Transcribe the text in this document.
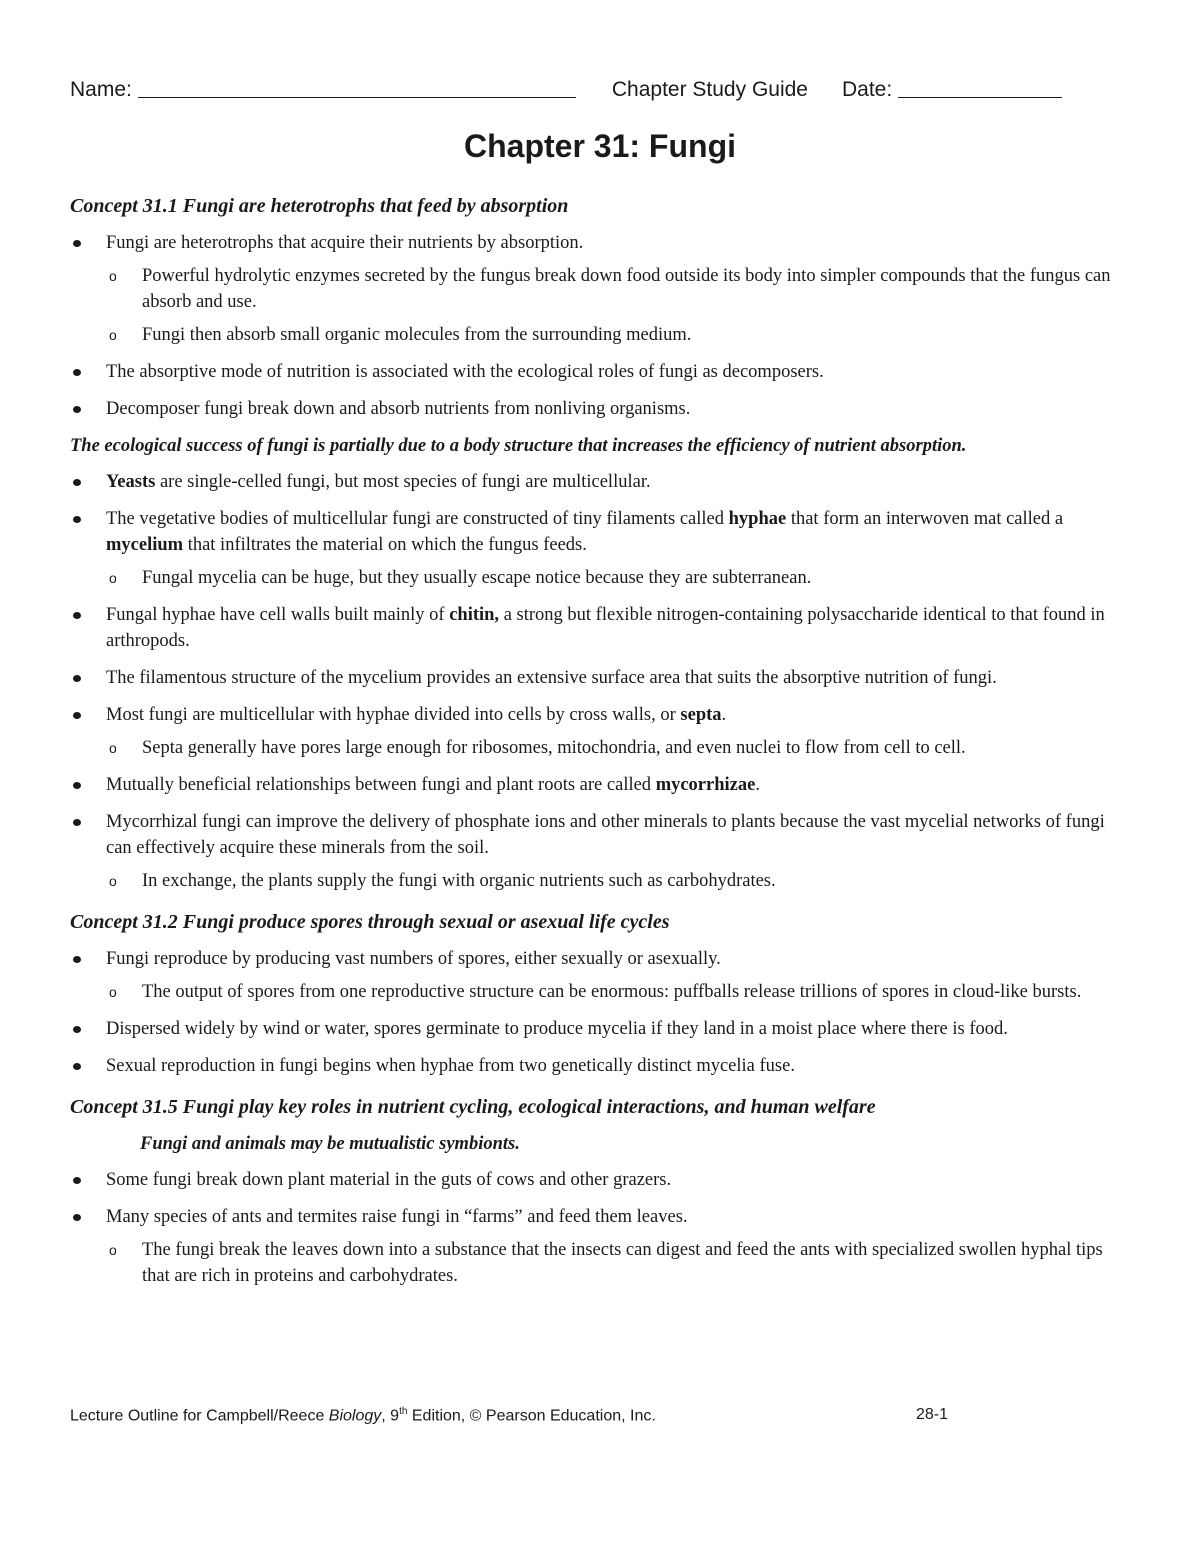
Name:	Chapter Study Guide Date:
Chapter 31: Fungi
Concept 31.1 Fungi are heterotrophs that feed by absorption
Fungi are heterotrophs that acquire their nutrients by absorption.
o Powerful hydrolytic enzymes secreted by the fungus break down food outside its body into simpler compounds that the fungus can absorb and use.
o Fungi then absorb small organic molecules from the surrounding medium.
The absorptive mode of nutrition is associated with the ecological roles of fungi as decomposers.
Decomposer fungi break down and absorb nutrients from nonliving organisms.
The ecological success of fungi is partially due to a body structure that increases the efficiency of nutrient absorption.
Yeasts are single-celled fungi, but most species of fungi are multicellular.
The vegetative bodies of multicellular fungi are constructed of tiny filaments called hyphae that form an interwoven mat called a mycelium that infiltrates the material on which the fungus feeds.
o Fungal mycelia can be huge, but they usually escape notice because they are subterranean.
Fungal hyphae have cell walls built mainly of chitin, a strong but flexible nitrogen-containing polysaccharide identical to that found in arthropods.
The filamentous structure of the mycelium provides an extensive surface area that suits the absorptive nutrition of fungi.
Most fungi are multicellular with hyphae divided into cells by cross walls, or septa.
o Septa generally have pores large enough for ribosomes, mitochondria, and even nuclei to flow from cell to cell.
Mutually beneficial relationships between fungi and plant roots are called mycorrhizae.
Mycorrhizal fungi can improve the delivery of phosphate ions and other minerals to plants because the vast mycelial networks of fungi can effectively acquire these minerals from the soil.
o In exchange, the plants supply the fungi with organic nutrients such as carbohydrates.
Concept 31.2 Fungi produce spores through sexual or asexual life cycles
Fungi reproduce by producing vast numbers of spores, either sexually or asexually.
o The output of spores from one reproductive structure can be enormous: puffballs release trillions of spores in cloud-like bursts.
Dispersed widely by wind or water, spores germinate to produce mycelia if they land in a moist place where there is food.
Sexual reproduction in fungi begins when hyphae from two genetically distinct mycelia fuse.
Concept 31.5 Fungi play key roles in nutrient cycling, ecological interactions, and human welfare
Fungi and animals may be mutualistic symbionts.
Some fungi break down plant material in the guts of cows and other grazers.
Many species of ants and termites raise fungi in “farms” and feed them leaves.
o The fungi break the leaves down into a substance that the insects can digest and feed the ants with specialized swollen hyphal tips that are rich in proteins and carbohydrates.
Lecture Outline for Campbell/Reece Biology, 9th Edition, © Pearson Education, Inc.	28-1
